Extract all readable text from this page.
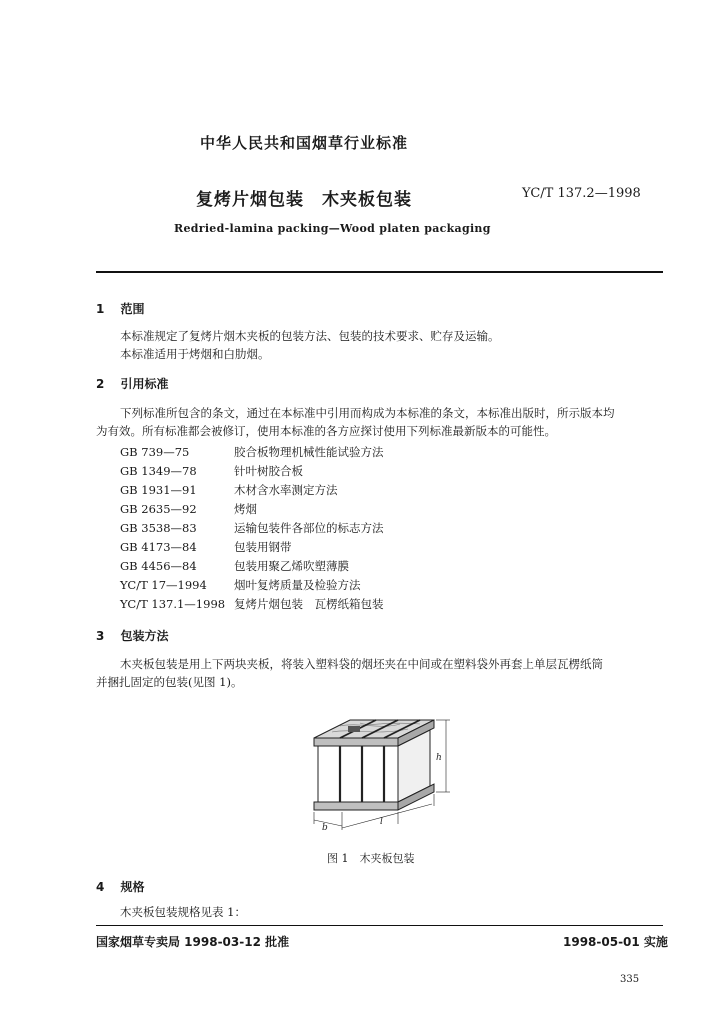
中华人民共和国烟草行业标准
复烤片烟包装　木夹板包装	YC/T 137.2—1998
Redried-lamina packing—Wood platen packaging
1 范围
本标准规定了复烤片烟木夹板的包装方法、包装的技术要求、贮存及运输。
本标准适用于烤烟和白肋烟。
2 引用标准
下列标准所包含的条文，通过在本标准中引用而构成为本标准的条文，本标准出版时，所示版本均
为有效。所有标准都会被修订，使用本标准的各方应探讨使用下列标准最新版本的可能性。
GB 739—75	胶合板物理机械性能试验方法
GB 1349—78	针叶树胶合板
GB 1931—91	木材含水率测定方法
GB 2635—92	烤烟
GB 3538—83	运输包装件各部位的标志方法
GB 4173—84	包装用钢带
GB 4456—84	包装用聚乙烯吹塑薄膜
YC/T 17—1994 烟叶复烤质量及检验方法
YC/T 137.1—1998 复烤片烟包装　瓦楞纸箱包装
3 包装方法
木夹板包装是用上下两块夹板，将装入塑料袋的烟坯夹在中间或在塑料袋外再套上单层瓦楞纸筒
并捆扎固定的包装(见图 1)。
h
b
l
图 1　木夹板包装
4 规格
木夹板包装规格见表 1：
国家烟草专卖局 1998-03-12 批准	1998-05-01 实施
335
